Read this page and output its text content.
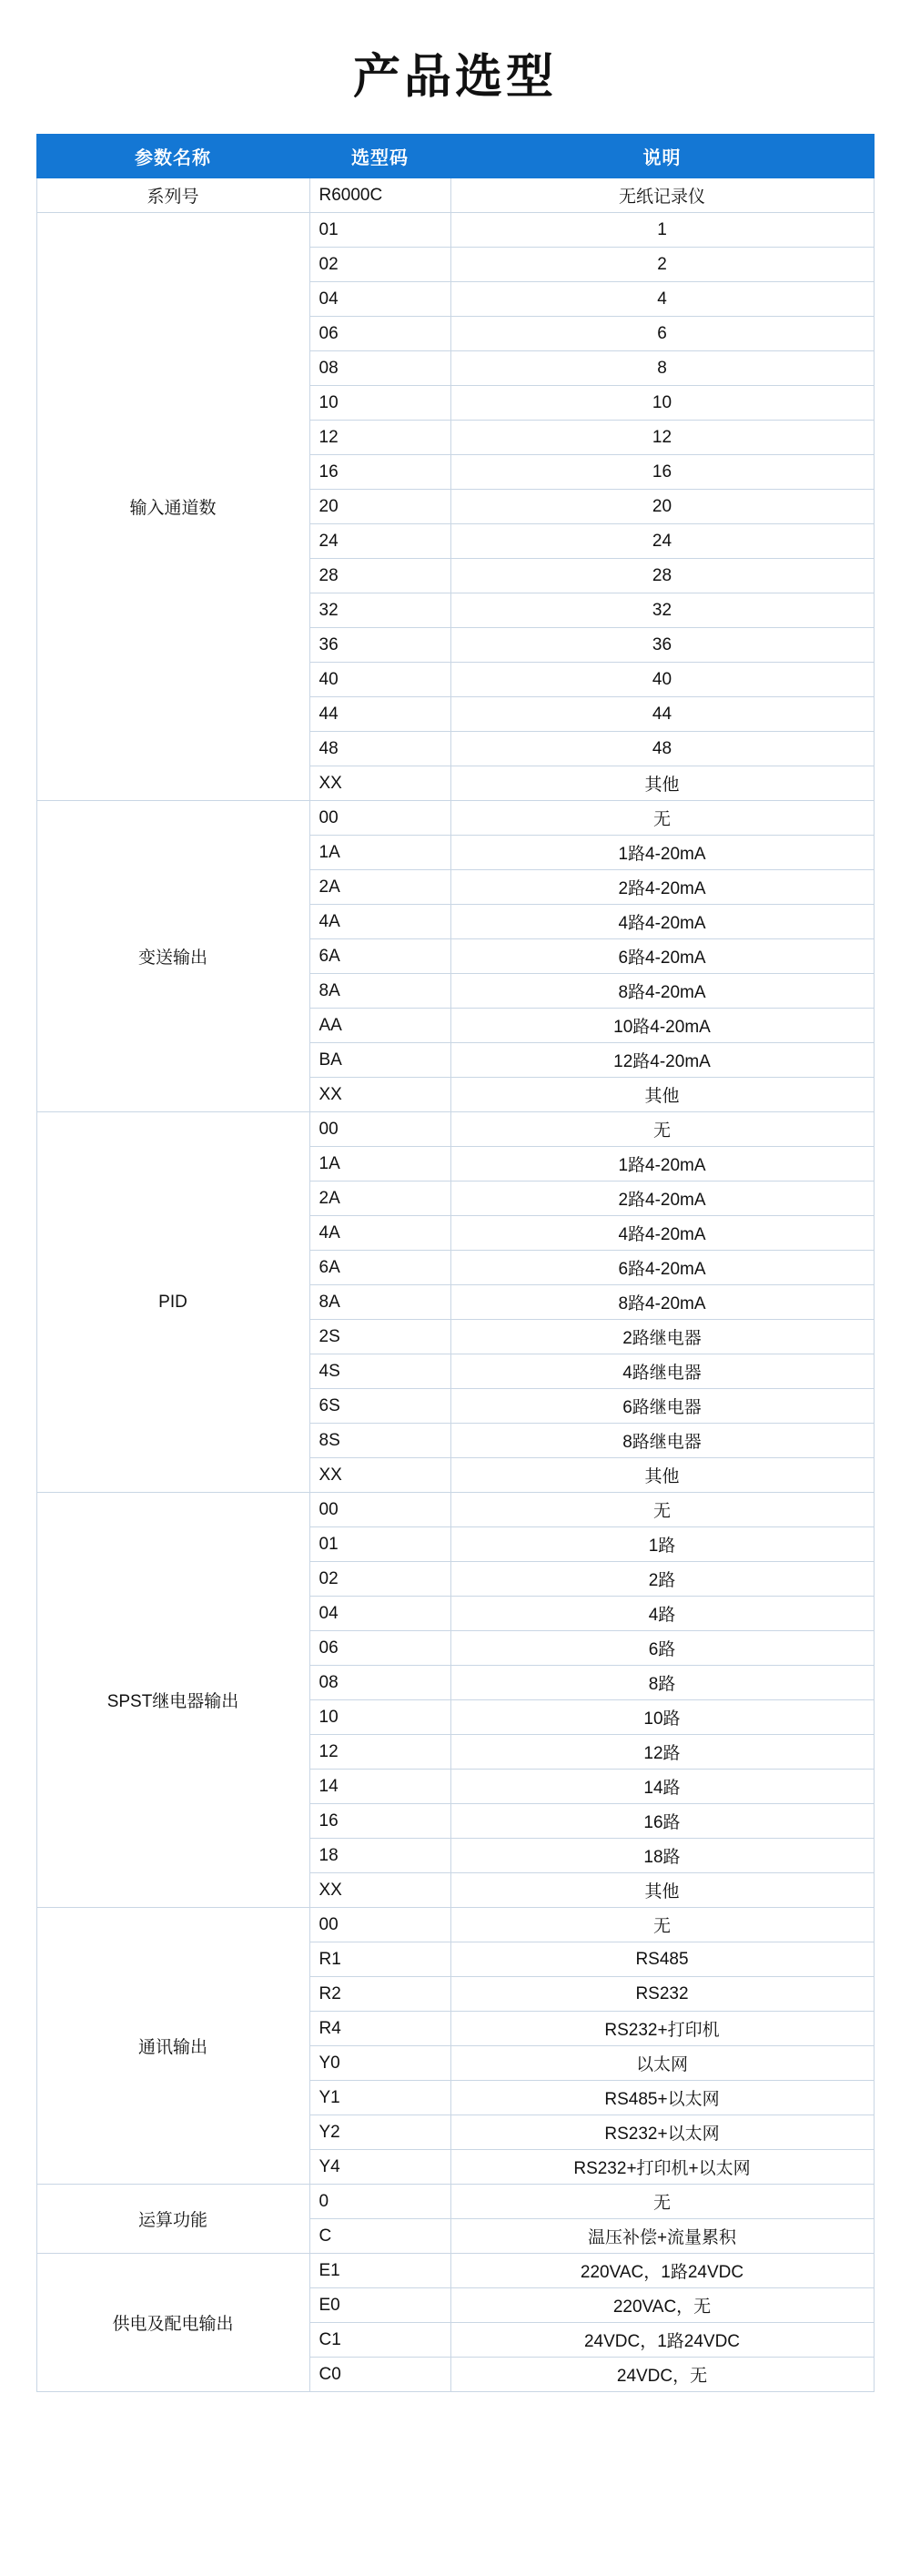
产品选型
参数名称	选型码	说明
系列号	R6000C	无纸记录仪
输入通道数	01	1
	02	2
	04	4
	06	6
	08	8
	10	10
	12	12
	16	16
	20	20
	24	24
	28	28
	32	32
	36	36
	40	40
	44	44
	48	48
	XX	其他
变送输出	00	无
	1A	1路4-20mA
	2A	2路4-20mA
	4A	4路4-20mA
	6A	6路4-20mA
	8A	8路4-20mA
	AA	10路4-20mA
	BA	12路4-20mA
	XX	其他
PID	00	无
	1A	1路4-20mA
	2A	2路4-20mA
	4A	4路4-20mA
	6A	6路4-20mA
	8A	8路4-20mA
	2S	2路继电器
	4S	4路继电器
	6S	6路继电器
	8S	8路继电器
	XX	其他
SPST继电器输出	00	无
	01	1路
	02	2路
	04	4路
	06	6路
	08	8路
	10	10路
	12	12路
	14	14路
	16	16路
	18	18路
	XX	其他
通讯输出	00	无
	R1	RS485
	R2	RS232
	R4	RS232+打印机
	Y0	以太网
	Y1	RS485+以太网
	Y2	RS232+以太网
	Y4	RS232+打印机+以太网
运算功能	0	无
	C	温压补偿+流量累积
供电及配电输出	E1	220VAC，1路24VDC
	E0	220VAC，无
	C1	24VDC，1路24VDC
	C0	24VDC，无
